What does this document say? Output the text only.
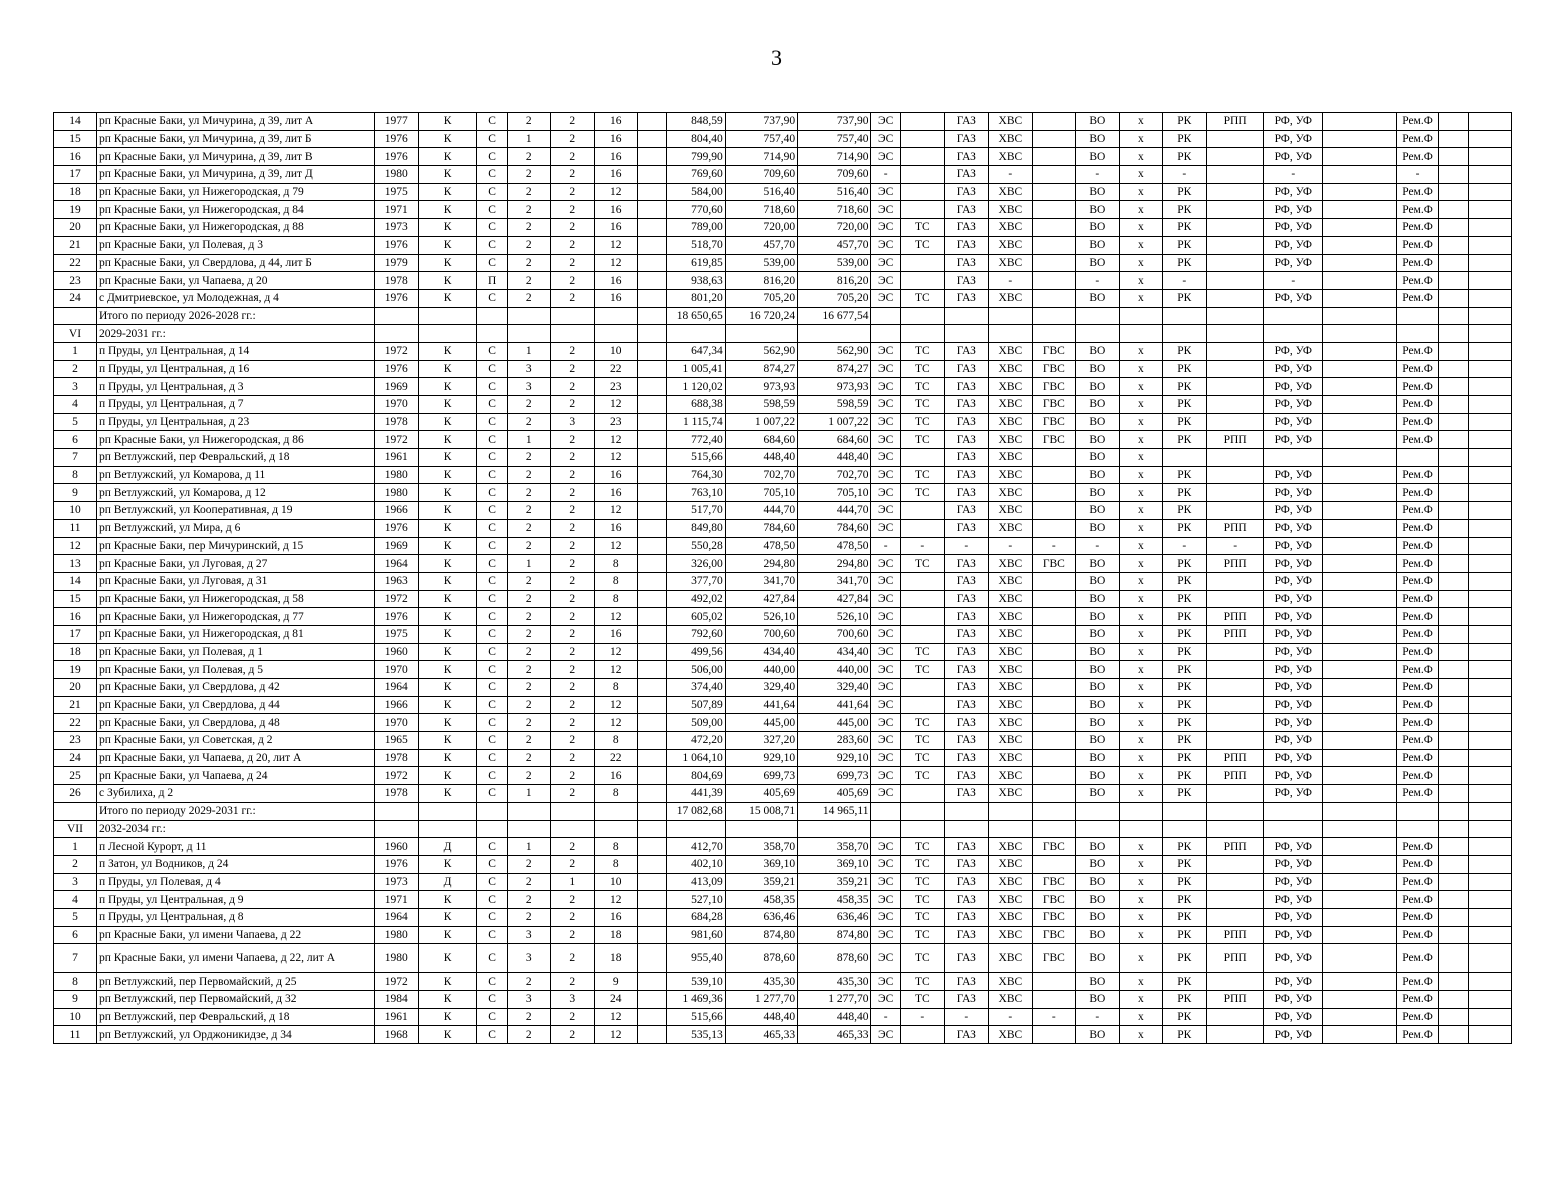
3
14	рп Красные Баки, ул Мичурина, д 39, лит А	1977	К	С	2	2	16		848,59	737,90	737,90	ЭС		ГАЗ	ХВС		ВО	х	РК	РПП	РФ, УФ		Рем.Ф		
15	рп Красные Баки, ул Мичурина, д 39, лит Б	1976	К	С	1	2	16		804,40	757,40	757,40	ЭС		ГАЗ	ХВС		ВО	х	РК		РФ, УФ		Рем.Ф		
16	рп Красные Баки, ул Мичурина, д 39, лит В	1976	К	С	2	2	16		799,90	714,90	714,90	ЭС		ГАЗ	ХВС		ВО	х	РК		РФ, УФ		Рем.Ф		
17	рп Красные Баки, ул Мичурина, д 39, лит Д	1980	К	С	2	2	16		769,60	709,60	709,60	-		ГАЗ	-		-	х	-		-		-		
18	рп Красные Баки, ул Нижегородская, д 79	1975	К	С	2	2	12		584,00	516,40	516,40	ЭС		ГАЗ	ХВС		ВО	х	РК		РФ, УФ		Рем.Ф		
19	рп Красные Баки, ул Нижегородская, д 84	1971	К	С	2	2	16		770,60	718,60	718,60	ЭС		ГАЗ	ХВС		ВО	х	РК		РФ, УФ		Рем.Ф		
20	рп Красные Баки, ул Нижегородская, д 88	1973	К	С	2	2	16		789,00	720,00	720,00	ЭС	ТС	ГАЗ	ХВС		ВО	х	РК		РФ, УФ		Рем.Ф		
21	рп Красные Баки, ул Полевая, д 3	1976	К	С	2	2	12		518,70	457,70	457,70	ЭС	ТС	ГАЗ	ХВС		ВО	х	РК		РФ, УФ		Рем.Ф		
22	рп Красные Баки, ул Свердлова, д 44, лит Б	1979	К	С	2	2	12		619,85	539,00	539,00	ЭС		ГАЗ	ХВС		ВО	х	РК		РФ, УФ		Рем.Ф		
23	рп Красные Баки, ул Чапаева, д 20	1978	К	П	2	2	16		938,63	816,20	816,20	ЭС		ГАЗ	-		-	х	-		-		Рем.Ф		
24	с Дмитриевское, ул Молодежная, д 4	1976	К	С	2	2	16		801,20	705,20	705,20	ЭС	ТС	ГАЗ	ХВС		ВО	х	РК		РФ, УФ		Рем.Ф		
	Итого по периоду 2026-2028 гг.:								18 650,65	16 720,24	16 677,54														
VI	2029-2031 гг.:																								
1	п Пруды, ул Центральная, д 14	1972	К	С	1	2	10		647,34	562,90	562,90	ЭС	ТС	ГАЗ	ХВС	ГВС	ВО	х	РК		РФ, УФ		Рем.Ф		
2	п Пруды, ул Центральная, д 16	1976	К	С	3	2	22		1 005,41	874,27	874,27	ЭС	ТС	ГАЗ	ХВС	ГВС	ВО	х	РК		РФ, УФ		Рем.Ф		
3	п Пруды, ул Центральная, д 3	1969	К	С	3	2	23		1 120,02	973,93	973,93	ЭС	ТС	ГАЗ	ХВС	ГВС	ВО	х	РК		РФ, УФ		Рем.Ф		
4	п Пруды, ул Центральная, д 7	1970	К	С	2	2	12		688,38	598,59	598,59	ЭС	ТС	ГАЗ	ХВС	ГВС	ВО	х	РК		РФ, УФ		Рем.Ф		
5	п Пруды, ул Центральная, д 23	1978	К	С	2	3	23		1 115,74	1 007,22	1 007,22	ЭС	ТС	ГАЗ	ХВС	ГВС	ВО	х	РК		РФ, УФ		Рем.Ф		
6	рп Красные Баки, ул Нижегородская, д 86	1972	К	С	1	2	12		772,40	684,60	684,60	ЭС	ТС	ГАЗ	ХВС	ГВС	ВО	х	РК	РПП	РФ, УФ		Рем.Ф		
7	рп Ветлужский, пер Февральский, д 18	1961	К	С	2	2	12		515,66	448,40	448,40	ЭС		ГАЗ	ХВС		ВО	х							
8	рп Ветлужский, ул Комарова, д 11	1980	К	С	2	2	16		764,30	702,70	702,70	ЭС	ТС	ГАЗ	ХВС		ВО	х	РК		РФ, УФ		Рем.Ф		
9	рп Ветлужский, ул Комарова, д 12	1980	К	С	2	2	16		763,10	705,10	705,10	ЭС	ТС	ГАЗ	ХВС		ВО	х	РК		РФ, УФ		Рем.Ф		
10	рп Ветлужский, ул Кооперативная, д 19	1966	К	С	2	2	12		517,70	444,70	444,70	ЭС		ГАЗ	ХВС		ВО	х	РК		РФ, УФ		Рем.Ф		
11	рп Ветлужский, ул Мира, д 6	1976	К	С	2	2	16		849,80	784,60	784,60	ЭС		ГАЗ	ХВС		ВО	х	РК	РПП	РФ, УФ		Рем.Ф		
12	рп Красные Баки, пер Мичуринский, д 15	1969	К	С	2	2	12		550,28	478,50	478,50	-	-	-	-	-	-	х	-	-	РФ, УФ		Рем.Ф		
13	рп Красные Баки, ул Луговая, д 27	1964	К	С	1	2	8		326,00	294,80	294,80	ЭС	ТС	ГАЗ	ХВС	ГВС	ВО	х	РК	РПП	РФ, УФ		Рем.Ф		
14	рп Красные Баки, ул Луговая, д 31	1963	К	С	2	2	8		377,70	341,70	341,70	ЭС		ГАЗ	ХВС		ВО	х	РК		РФ, УФ		Рем.Ф		
15	рп Красные Баки, ул Нижегородская, д 58	1972	К	С	2	2	8		492,02	427,84	427,84	ЭС		ГАЗ	ХВС		ВО	х	РК		РФ, УФ		Рем.Ф		
16	рп Красные Баки, ул Нижегородская, д 77	1976	К	С	2	2	12		605,02	526,10	526,10	ЭС		ГАЗ	ХВС		ВО	х	РК	РПП	РФ, УФ		Рем.Ф		
17	рп Красные Баки, ул Нижегородская, д 81	1975	К	С	2	2	16		792,60	700,60	700,60	ЭС		ГАЗ	ХВС		ВО	х	РК	РПП	РФ, УФ		Рем.Ф		
18	рп Красные Баки, ул Полевая, д 1	1960	К	С	2	2	12		499,56	434,40	434,40	ЭС	ТС	ГАЗ	ХВС		ВО	х	РК		РФ, УФ		Рем.Ф		
19	рп Красные Баки, ул Полевая, д 5	1970	К	С	2	2	12		506,00	440,00	440,00	ЭС	ТС	ГАЗ	ХВС		ВО	х	РК		РФ, УФ		Рем.Ф		
20	рп Красные Баки, ул Свердлова, д 42	1964	К	С	2	2	8		374,40	329,40	329,40	ЭС		ГАЗ	ХВС		ВО	х	РК		РФ, УФ		Рем.Ф		
21	рп Красные Баки, ул Свердлова, д 44	1966	К	С	2	2	12		507,89	441,64	441,64	ЭС		ГАЗ	ХВС		ВО	х	РК		РФ, УФ		Рем.Ф		
22	рп Красные Баки, ул Свердлова, д 48	1970	К	С	2	2	12		509,00	445,00	445,00	ЭС	ТС	ГАЗ	ХВС		ВО	х	РК		РФ, УФ		Рем.Ф		
23	рп Красные Баки, ул Советская, д 2	1965	К	С	2	2	8		472,20	327,20	283,60	ЭС	ТС	ГАЗ	ХВС		ВО	х	РК		РФ, УФ		Рем.Ф		
24	рп Красные Баки, ул Чапаева, д 20, лит А	1978	К	С	2	2	22		1 064,10	929,10	929,10	ЭС	ТС	ГАЗ	ХВС		ВО	х	РК	РПП	РФ, УФ		Рем.Ф		
25	рп Красные Баки, ул Чапаева, д 24	1972	К	С	2	2	16		804,69	699,73	699,73	ЭС	ТС	ГАЗ	ХВС		ВО	х	РК	РПП	РФ, УФ		Рем.Ф		
26	с Зубилиха, д 2	1978	К	С	1	2	8		441,39	405,69	405,69	ЭС		ГАЗ	ХВС		ВО	х	РК		РФ, УФ		Рем.Ф		
	Итого по периоду 2029-2031 гг.:								17 082,68	15 008,71	14 965,11														
VII	2032-2034 гг.:																								
1	п Лесной Курорт, д 11	1960	Д	С	1	2	8		412,70	358,70	358,70	ЭС	ТС	ГАЗ	ХВС	ГВС	ВО	х	РК	РПП	РФ, УФ		Рем.Ф		
2	п Затон, ул Водников, д 24	1976	К	С	2	2	8		402,10	369,10	369,10	ЭС	ТС	ГАЗ	ХВС		ВО	х	РК		РФ, УФ		Рем.Ф		
3	п Пруды, ул Полевая, д 4	1973	Д	С	2	1	10		413,09	359,21	359,21	ЭС	ТС	ГАЗ	ХВС	ГВС	ВО	х	РК		РФ, УФ		Рем.Ф		
4	п Пруды, ул Центральная, д 9	1971	К	С	2	2	12		527,10	458,35	458,35	ЭС	ТС	ГАЗ	ХВС	ГВС	ВО	х	РК		РФ, УФ		Рем.Ф		
5	п Пруды, ул Центральная, д 8	1964	К	С	2	2	16		684,28	636,46	636,46	ЭС	ТС	ГАЗ	ХВС	ГВС	ВО	х	РК		РФ, УФ		Рем.Ф		
6	рп Красные Баки, ул имени Чапаева, д 22	1980	К	С	3	2	18		981,60	874,80	874,80	ЭС	ТС	ГАЗ	ХВС	ГВС	ВО	х	РК	РПП	РФ, УФ		Рем.Ф		
7	рп Красные Баки, ул имени Чапаева, д 22, лит А	1980	К	С	3	2	18		955,40	878,60	878,60	ЭС	ТС	ГАЗ	ХВС	ГВС	ВО	х	РК	РПП	РФ, УФ		Рем.Ф		
8	рп Ветлужский, пер Первомайский, д 25	1972	К	С	2	2	9		539,10	435,30	435,30	ЭС	ТС	ГАЗ	ХВС		ВО	х	РК		РФ, УФ		Рем.Ф		
9	рп Ветлужский, пер Первомайский, д 32	1984	К	С	3	3	24		1 469,36	1 277,70	1 277,70	ЭС	ТС	ГАЗ	ХВС		ВО	х	РК	РПП	РФ, УФ		Рем.Ф		
10	рп Ветлужский, пер Февральский, д 18	1961	К	С	2	2	12		515,66	448,40	448,40	-	-	-	-	-	-	х	РК		РФ, УФ		Рем.Ф		
11	рп Ветлужский, ул Орджоникидзе, д 34	1968	К	С	2	2	12		535,13	465,33	465,33	ЭС		ГАЗ	ХВС		ВО	х	РК		РФ, УФ		Рем.Ф		
